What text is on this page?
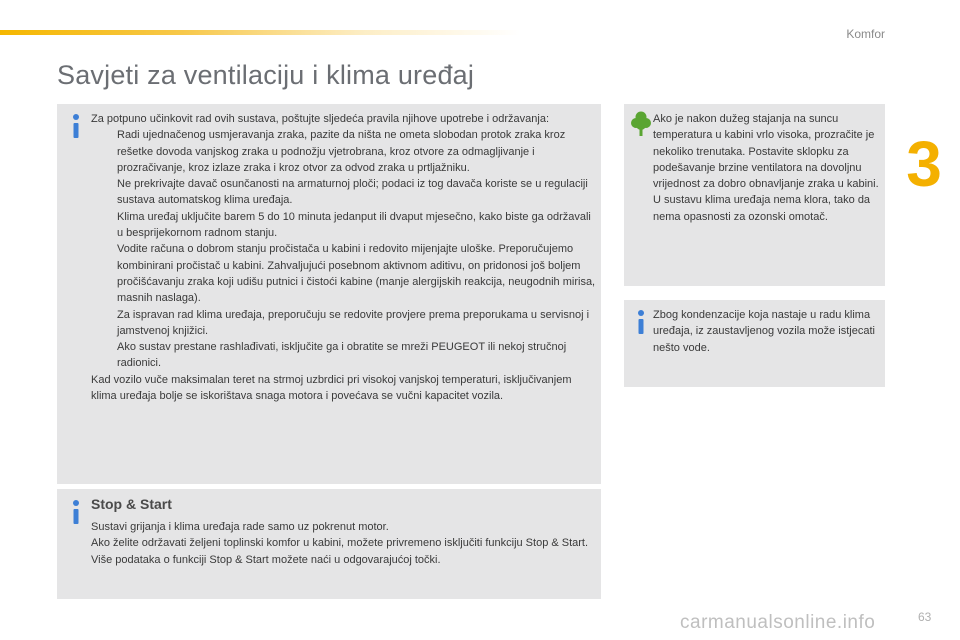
Komfor
Savjeti za ventilaciju i klima uređaj
3

Za potpuno učinkovit rad ovih sustava, poštujte sljedeća pravila njihove upotrebe i održavanja:

Radi ujednačenog usmjeravanja zraka, pazite da ništa ne ometa slobodan protok zraka kroz rešetke dovoda vanjskog zraka u podnožju vjetrobrana, kroz otvore za odmagljivanje i prozračivanje, kroz izlaze zraka i kroz otvor za odvod zraka u prtljažniku.
Ne prekrivajte davač osunčanosti na armaturnoj ploči; podaci iz tog davača koriste se u regulaciji sustava automatskog klima uređaja.
Klima uređaj uključite barem 5 do 10 minuta jedanput ili dvaput mjesečno, kako biste ga održavali u besprijekornom radnom stanju.
Vodite računa o dobrom stanju pročistača u kabini i redovito mijenjajte uloške. Preporučujemo kombinirani pročistač u kabini. Zahvaljujući posebnom aktivnom aditivu, on pridonosi još boljem pročišćavanju zraka koji udišu putnici i čistoći kabine (manje alergijskih reakcija, neugodnih mirisa, masnih naslaga).
Za ispravan rad klima uređaja, preporučuju se redovite provjere prema preporukama u servisnoj i jamstvenoj knjižici.
Ako sustav prestane rashlađivati, isključite ga i obratite se mreži PEUGEOT ili nekoj stručnoj radionici.

Kad vozilo vuče maksimalan teret na strmoj uzbrdici pri visokoj vanjskoj temperaturi, isključivanjem klima uređaja bolje se iskorištava snaga motora i povećava se vučni kapacitet vozila.

Stop & Start

Sustavi grijanja i klima uređaja rade samo uz pokrenut motor.

Ako želite održavati željeni toplinski komfor u kabini, možete privremeno isključiti funkciju Stop & Start.

Više podataka o funkciji Stop & Start možete naći u odgovarajućoj točki.

Ako je nakon dužeg stajanja na suncu temperatura u kabini vrlo visoka, prozračite je nekoliko trenutaka. Postavite sklopku za podešavanje brzine ventilatora na dovoljnu vrijednost za dobro obnavljanje zraka u kabini. U sustavu klima uređaja nema klora, tako da nema opasnosti za ozonski omotač.
Zbog kondenzacije koja nastaje u radu klima uređaja, iz zaustavljenog vozila može istjecati nešto vode.
carmanualsonline.info	63
